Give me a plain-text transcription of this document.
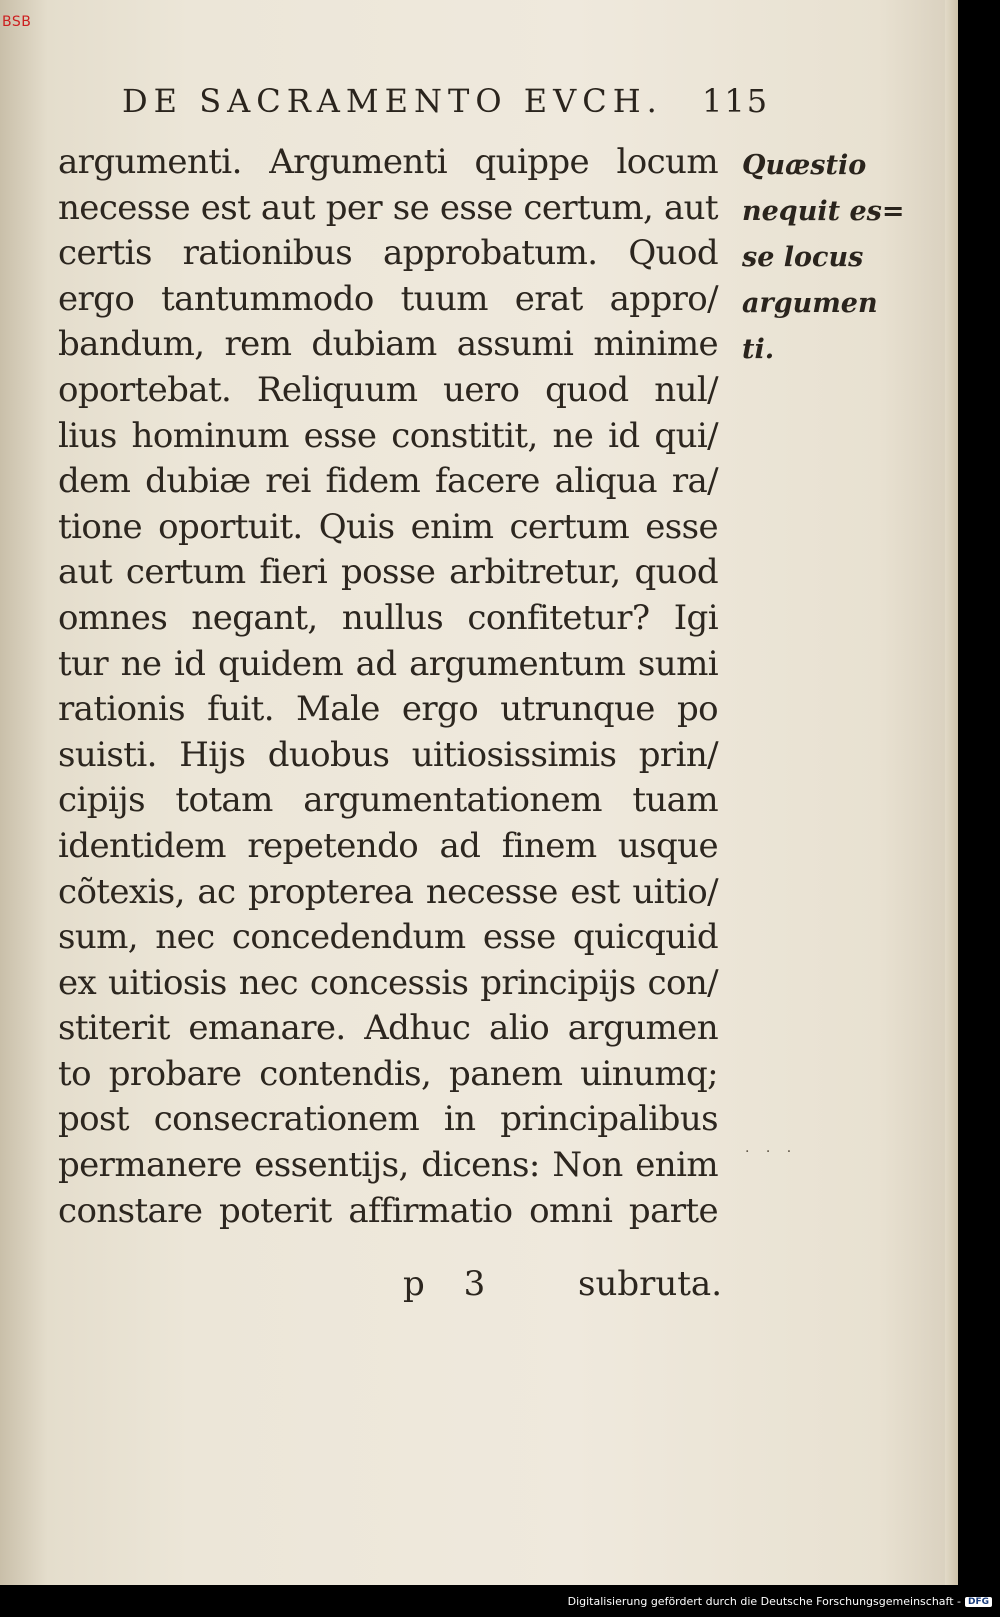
BSB
DE SACRAMENTO EVCH. 115
argumenti. Argumenti quippe locum
necesse est aut per se esse certum, aut
certis rationibus approbatum. Quod
ergo tantummodo tuum erat appro/
bandum, rem dubiam assumi minime
oportebat. Reliquum uero quod nul/
lius hominum esse constitit, ne id qui/
dem dubiæ rei fidem facere aliqua ra/
tione oportuit. Quis enim certum esse
aut certum fieri posse arbitretur, quod
omnes negant, nullus confitetur? Igi
tur ne id quidem ad argumentum sumi
rationis fuit. Male ergo utrunque po
suisti. Hijs duobus uitiosissimis prin/
cipijs totam argumentationem tuam
identidem repetendo ad finem usque
cõtexis, ac propterea necesse est uitio/
sum, nec concedendum esse quicquid
ex uitiosis nec concessis principijs con/
stiterit emanare. Adhuc alio argumen
to probare contendis, panem uinumq;
post consecrationem in principalibus
permanere essentijs, dicens: Non enim
constare poterit affirmatio omni parte
Quæstio
nequit es=
se locus
argumen
ti.
· · ·
p 3	subruta.
Digitalisierung gefördert durch die Deutsche Forschungsgemeinschaft - DFG
